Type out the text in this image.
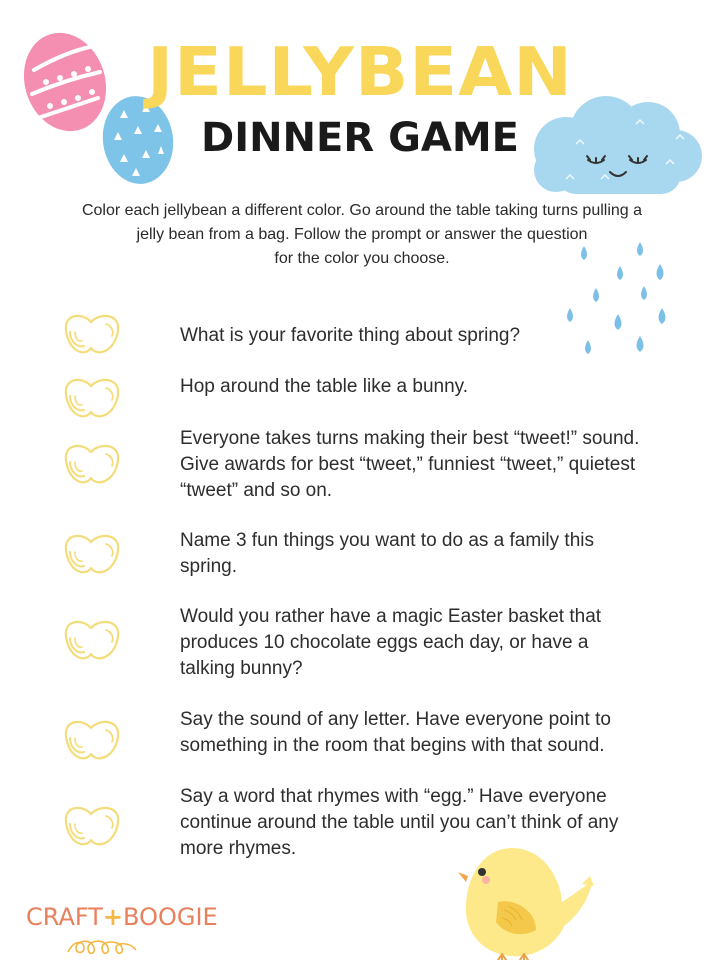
JELLYBEAN
DINNER GAME

Color each jellybean a different color. Go around the table taking turns pulling a

jelly bean from a bag. Follow the prompt or answer the question

for the color you choose.

What is your favorite thing about spring?

Hop around the table like a bunny.

Everyone takes turns making their best “tweet!” sound.

Give awards for best “tweet,” funniest “tweet,” quietest

“tweet” and so on.

Name 3 fun things you want to do as a family this

spring.

Would you rather have a magic Easter basket that

produces 10 chocolate eggs each day, or have a

talking bunny?

Say the sound of any letter. Have everyone point to

something in the room that begins with that sound.

Say a word that rhymes with “egg.” Have everyone

continue around the table until you can’t think of any

more rhymes.

CRAFT+BOOGIE
